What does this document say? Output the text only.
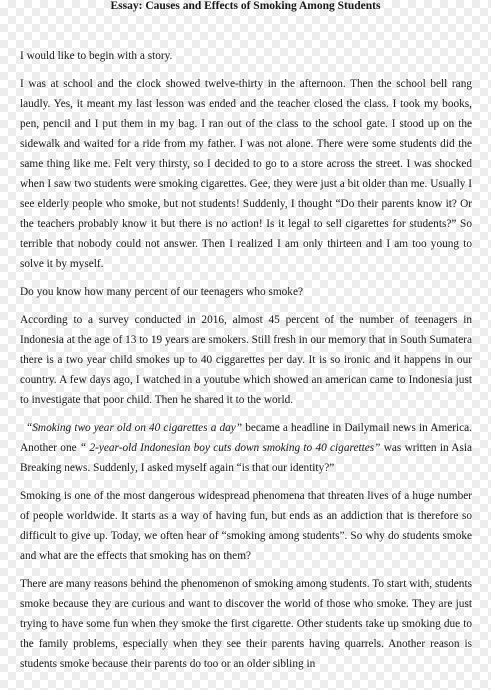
Essay: Causes and Effects of Smoking Among Students

I would like to begin with a story.

I was at school and the clock showed twelve-thirty in the afternoon. Then the school bell rang laudly. Yes, it meant my last lesson was ended and the teacher closed the class. I took my books, pen, pencil and I put them in my bag. I ran out of the class to the school gate. I stood up on the sidewalk and waited for a ride from my father. I was not alone. There were some students did the same thing like me. Felt very thirsty, so I decided to go to a store across the street. I was shocked when I saw two students were smoking cigarettes. Gee, they were just a bit older than me. Usually I see elderly people who smoke, but not students! Suddenly, I thought “Do their parents know it? Or the teachers probably know it but there is no action! Is it legal to sell cigarettes for students?” So terrible that nobody could not answer. Then I realized I am only thirteen and I am too young to solve it by myself.

Do you know how many percent of our teenagers who smoke?

According to a survey conducted in 2016, almost 45 percent of the number of teenagers in Indonesia at the age of 13 to 19 years are smokers. Still fresh in our memory that in South Sumatera there is a two year child smokes up to 40 ciggarettes per day. It is so ironic and it happens in our country. A few days ago, I watched in a youtube which showed an american came to Indonesia just to investigate that poor child. Then he shared it to the world.

“Smoking two year old on 40 cigarettes a day” became a headline in Dailymail news in America. Another one “ 2-year-old Indonesian boy cuts down smoking to 40 cigarettes” was written in Asia Breaking news. Suddenly, I asked myself again “is that our identity?”

Smoking is one of the most dangerous widespread phenomena that threaten lives of a huge number of people worldwide. It starts as a way of having fun, but ends as an addiction that is therefore so difficult to give up. Today, we often hear of “smoking among students”. So why do students smoke and what are the effects that smoking has on them?

There are many reasons behind the phenomenon of smoking among students. To start with, students smoke because they are curious and want to discover the world of those who smoke. They are just trying to have some fun when they smoke the first cigarette. Other students take up smoking due to the family problems, especially when they see their parents having quarrels. Another reason is students smoke because their parents do too or an older sibling in
